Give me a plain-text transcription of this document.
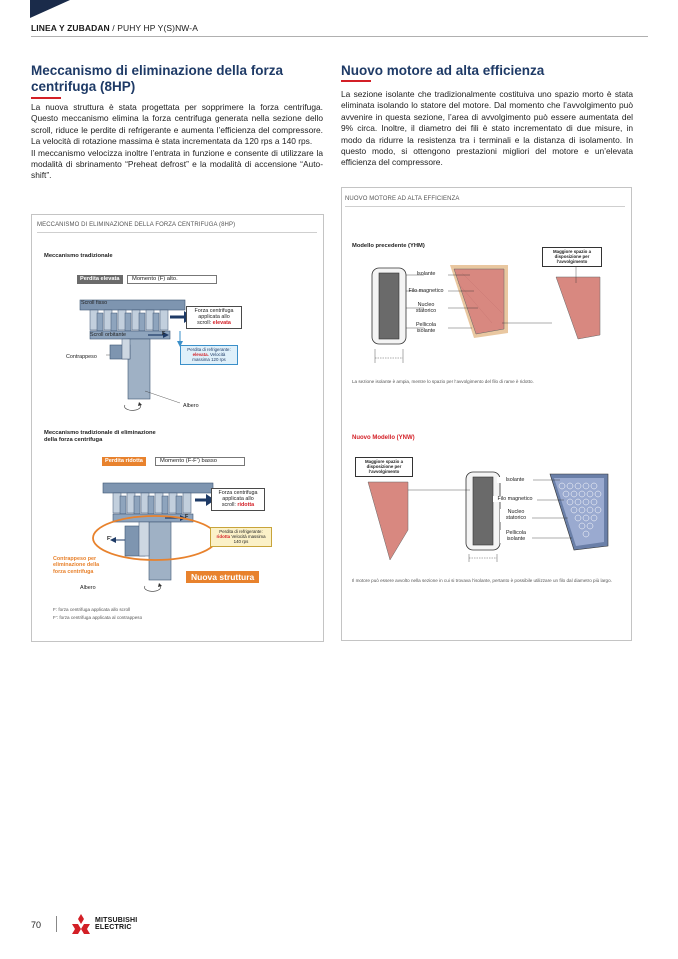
LINEA Y ZUBADAN / PUHY HP Y(S)NW-A
Meccanismo di eliminazione della forza
centrifuga (8HP)

La nuova struttura è stata progettata per sopprimere la forza centrifuga. Questo meccanismo elimina la forza centrifuga generata nella sezione dello scroll, riduce le perdite di refrigerante e aumenta l’efficienza del compressore. La velocità di rotazione massima è stata incrementata da 120 rps a 140 rps.

Il meccanismo velocizza inoltre l’entrata in funzione e consente di utilizzare la modalità di sbrinamento “Preheat defrost” e la modalità di accensione “Auto-shift”.

Nuovo motore ad alta efficienza

La sezione isolante che tradizionalmente costituiva uno spazio morto è stata eliminata isolando lo statore del motore. Dal momento che l’avvolgimento può avvenire in questa sezione, l’area di avvolgimento può essere aumentata del 9% circa. Inoltre, il diametro dei fili è stato incrementato di due misure, in modo da ridurre la resistenza tra i terminali e la distanza di isolamento. In questo modo, si ottengono prestazioni migliori del motore e un’elevata efficienza del compressore.

MECCANISMO DI ELIMINAZIONE DELLA FORZA CENTRIFUGA (8HP)
Meccanismo tradizionale
Perdita elevata	Momento (F) alto.
Scroll fisso
Scroll orbitante	F
Contrappeso
Albero
Forza centrifuga
applicata allo
scroll: elevata
Perdita di refrigerante:
elevata. Velocità
massima 120 rps
Meccanismo tradizionale di eliminazione
della forza centrifuga
Perdita ridotta	Momento (F-F’) basso
F
F'
Forza centrifuga
applicata allo
scroll: ridotta
Perdita di refrigerante:
ridotta Velocità massima
140 rps
Contrappeso per
eliminazione della
forza centrifuga
Nuova struttura
Albero
F: forza centrifuga applicata allo scroll
F’: forza centrifuga applicata al contrappeso
NUOVO MOTORE AD ALTA EFFICIENZA
Modello precedente (YHM)
Isolante
Filo magnetico
Nucleo
statorico
Pellicola
isolante
Maggiore spazio a
disposizione per
l’avvolgimento
La sezione isolante è ampia, mentre lo spazio per l’avvolgimento del filo di rame è ridotto.
Nuovo Modello (YNW)
Maggiore spazio a
disposizione per
l’avvolgimento
Isolante
Filo magnetico
Nucleo
statorico
Pellicola
isolante
Il motore può essere avvolto nella sezione in cui si trovava l’isolante, pertanto è possibile utilizzare un filo dal diametro più largo.
70	MITSUBISHI
ELECTRIC
